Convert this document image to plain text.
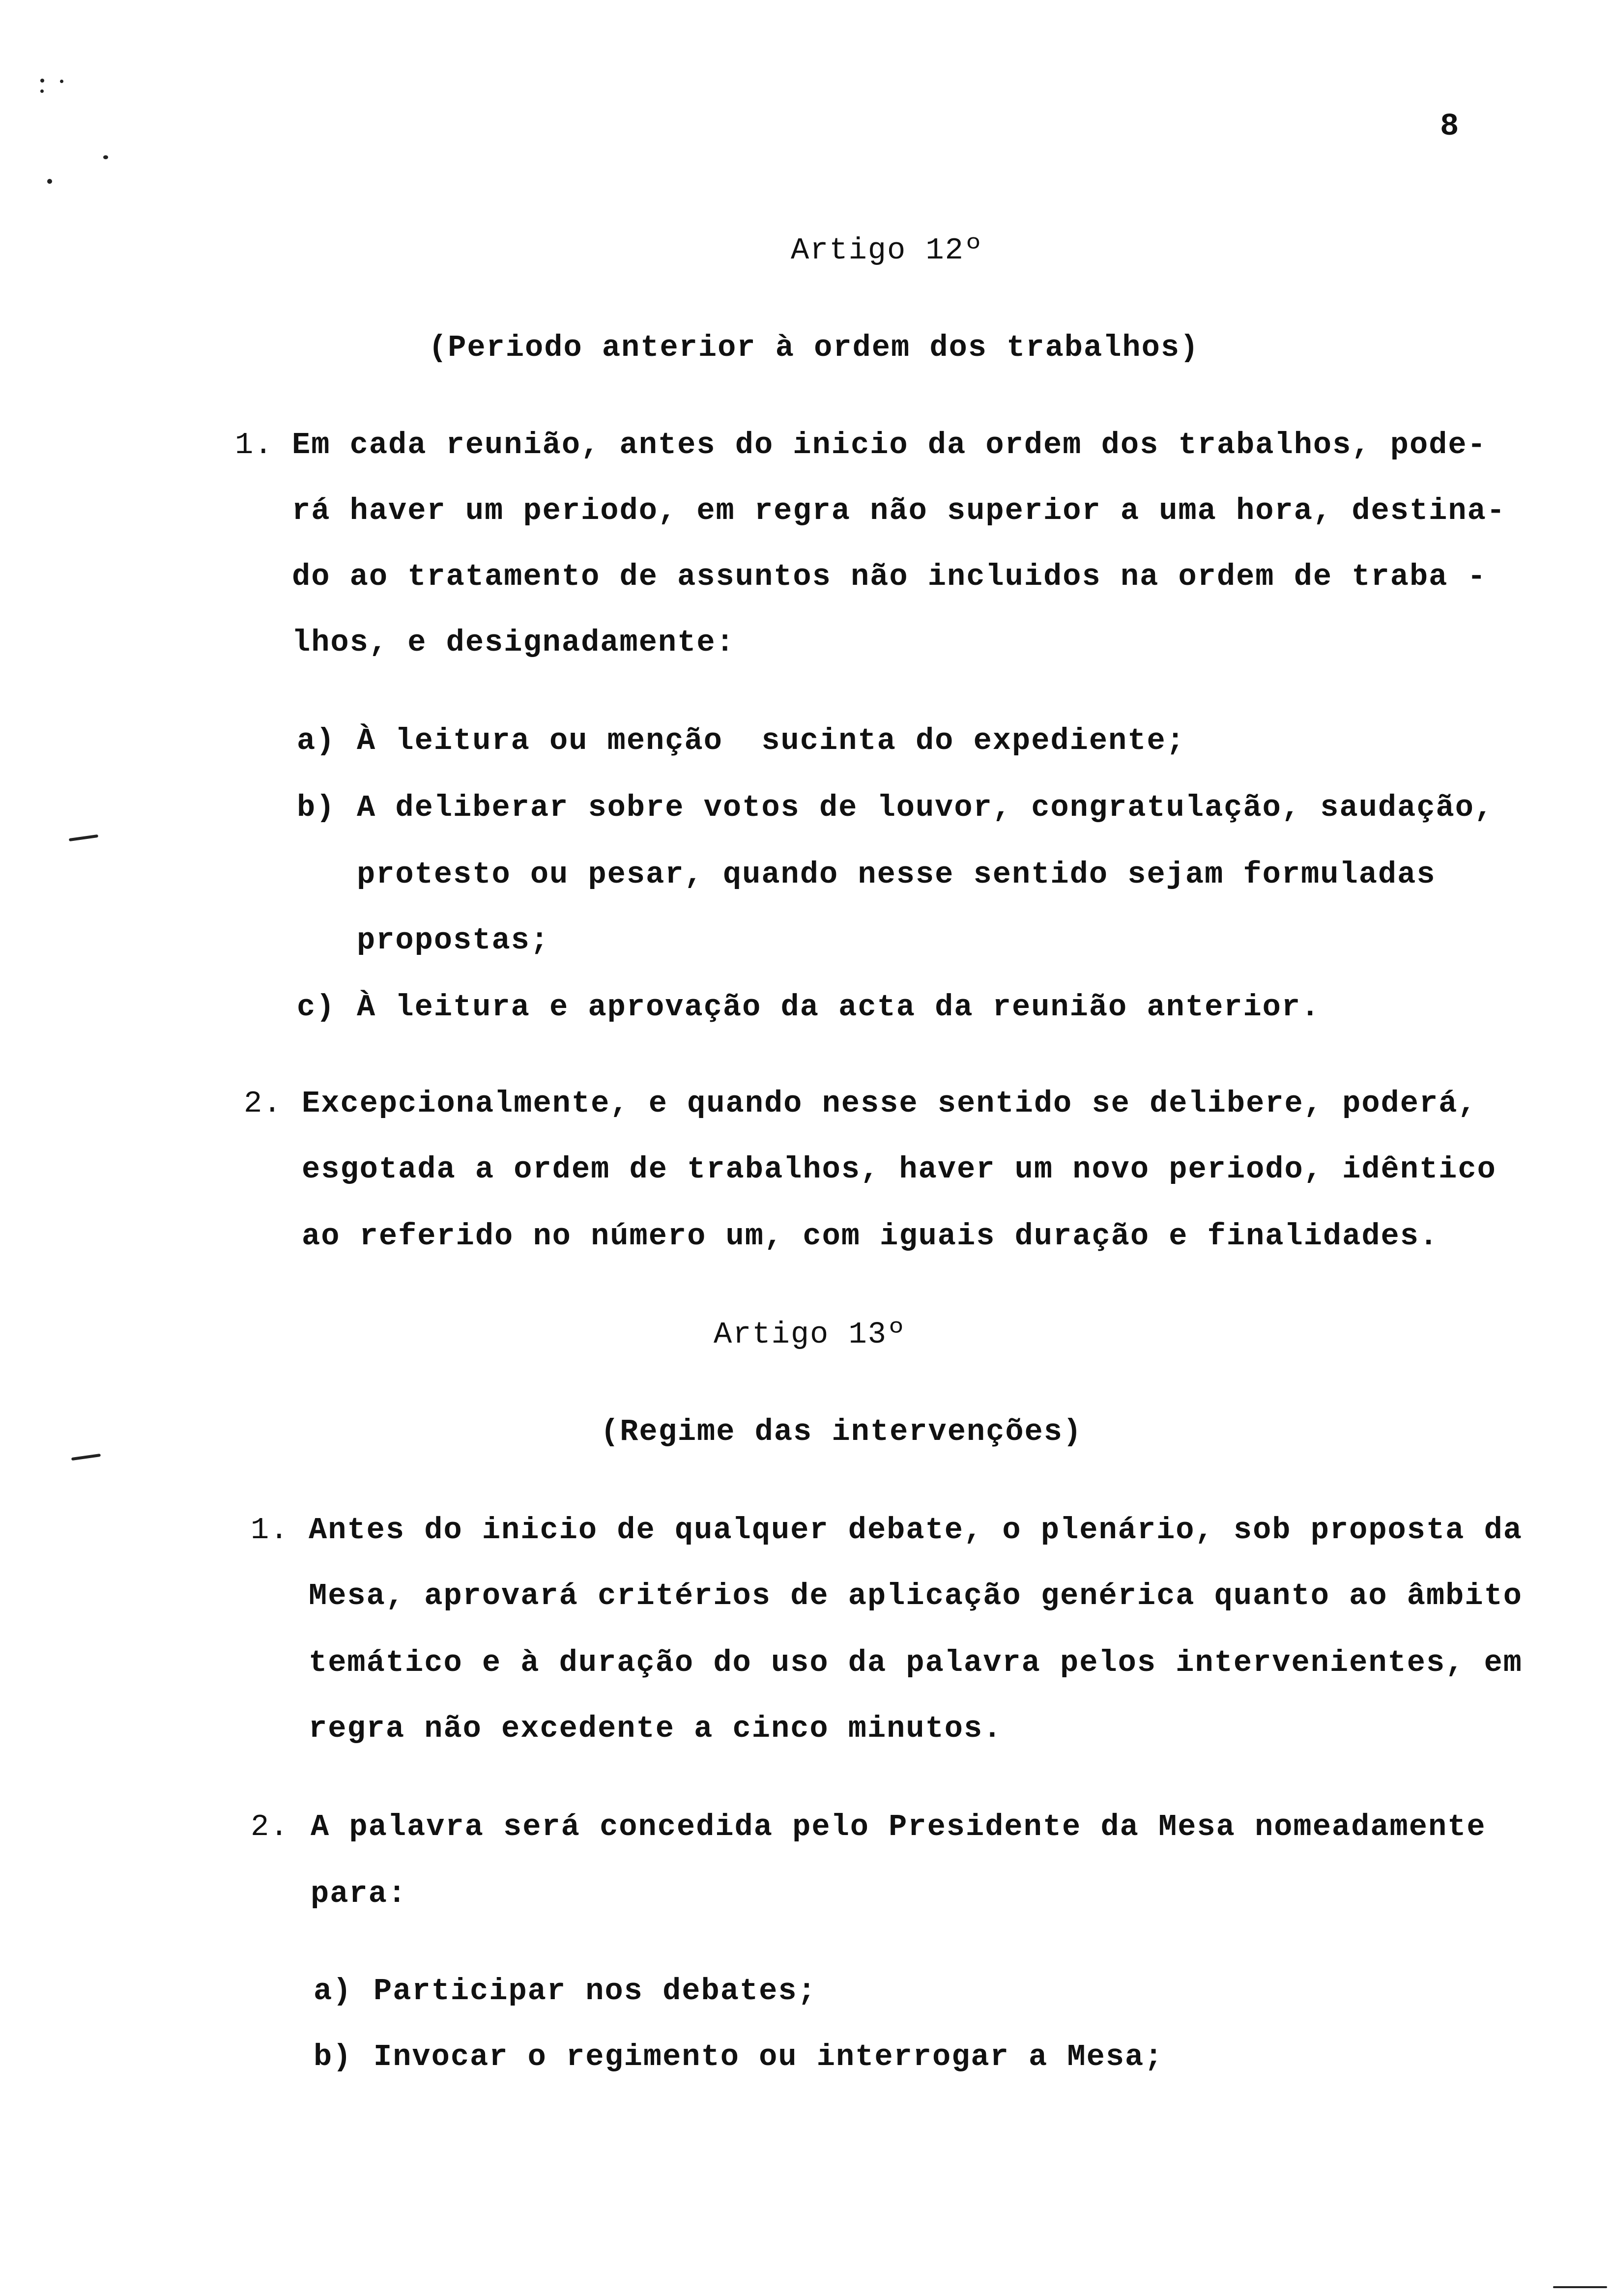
8
Artigo 12º
(Periodo anterior à ordem dos trabalhos)
1. Em cada reunião, antes do inicio da ordem dos trabalhos, pode-
rá haver um periodo, em regra não superior a uma hora, destina-
do ao tratamento de assuntos não incluidos na ordem de traba -
lhos, e designadamente:
a) À leitura ou menção  sucinta do expediente;
b) A deliberar sobre votos de louvor, congratulação, saudação,
protesto ou pesar, quando nesse sentido sejam formuladas
propostas;
c) À leitura e aprovação da acta da reunião anterior.
2. Excepcionalmente, e quando nesse sentido se delibere, poderá,
esgotada a ordem de trabalhos, haver um novo periodo, idêntico
ao referido no número um, com iguais duração e finalidades.
Artigo 13º
(Regime das intervenções)
1. Antes do inicio de qualquer debate, o plenário, sob proposta da
Mesa, aprovará critérios de aplicação genérica quanto ao âmbito
temático e à duração do uso da palavra pelos intervenientes, em
regra não excedente a cinco minutos.
2. A palavra será concedida pelo Presidente da Mesa nomeadamente
para:
a) Participar nos debates;
b) Invocar o regimento ou interrogar a Mesa;
